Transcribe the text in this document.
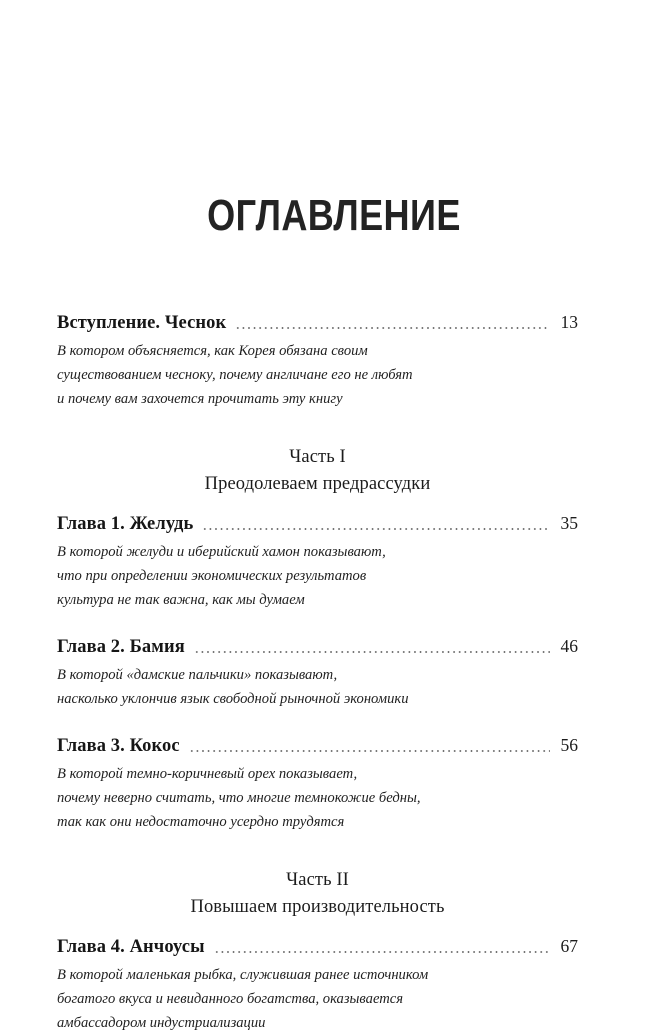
ОГЛАВЛЕНИЕ
Вступление. Чеснок	13
В котором объясняется, как Корея обязана своим
существованием чесноку, почему англичане его не любят
и почему вам захочется прочитать эту книгу
Часть I
Преодолеваем предрассудки
Глава 1. Желудь	35
В которой желуди и иберийский хамон показывают,
что при определении экономических результатов
культура не так важна, как мы думаем
Глава 2. Бамия	46
В которой «дамские пальчики» показывают,
насколько уклончив язык свободной рыночной экономики
Глава 3. Кокос	56
В которой темно-коричневый орех показывает,
почему неверно считать, что многие темнокожие бедны,
так как они недостаточно усердно трудятся
Часть II
Повышаем производительность
Глава 4. Анчоусы	67
В которой маленькая рыбка, служившая ранее источником
богатого вкуса и невиданного богатства, оказывается
амбассадором индустриализации
